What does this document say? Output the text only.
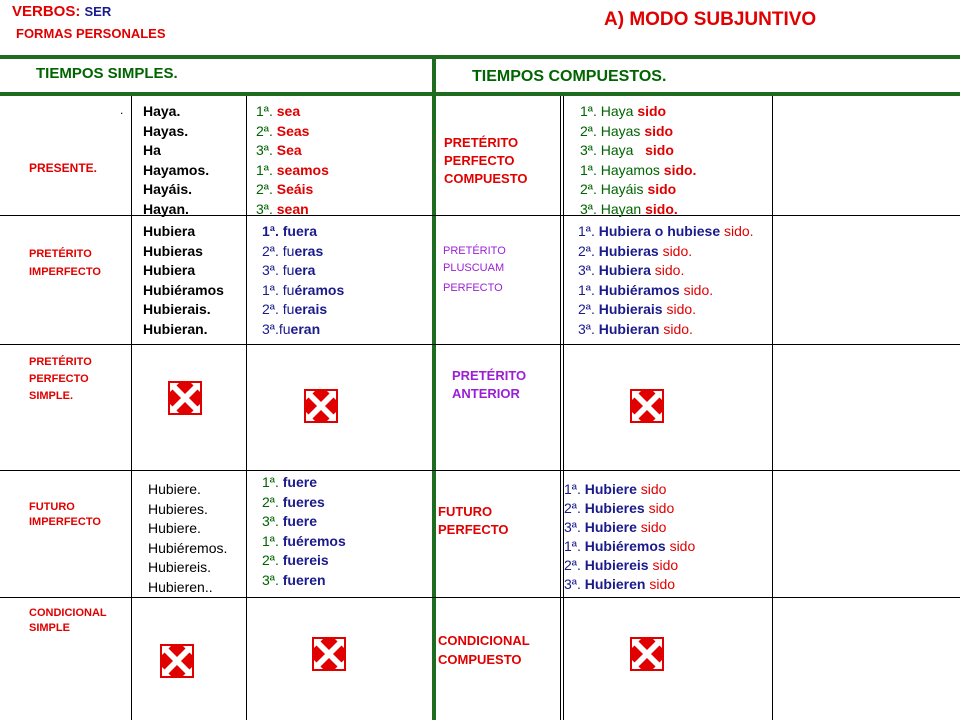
VERBOS: SER
FORMAS PERSONALES
A) MODO SUBJUNTIVO
TIEMPOS SIMPLES.	TIEMPOS COMPUESTOS.
.
PRESENTE.
Haya.
Hayas.
Ha
Hayamos.
Hayáis.
Hayan.
1ª. sea
2ª. Seas
3ª. Sea
1ª. seamos
2ª. Seáis
3ª. sean
PRETÉRITO
PERFECTO
COMPUESTO
1ª. Haya sido
2ª. Hayas sido
3ª. Haya sido
1ª. Hayamos sido.
2ª. Hayáis sido
3ª. Hayan sido.
PRETÉRITO
IMPERFECTO
Hubiera
Hubieras
Hubiera
Hubiéramos
Hubierais.
Hubieran.
1ª. fuera
2ª. fueras
3ª. fuera
1ª. fuéramos
2ª. fuerais
3ª.fueran
PRETÉRITO
PLUSCUAM
PERFECTO
1ª. Hubiera o hubiese sido.
2ª. Hubieras sido.
3ª. Hubiera sido.
1ª. Hubiéramos sido.
2ª. Hubierais sido.
3ª. Hubieran sido.
PRETÉRITO
PERFECTO
SIMPLE.
PRETÉRITO
ANTERIOR
FUTURO
IMPERFECTO
Hubiere.
Hubieres.
Hubiere.
Hubiéremos.
Hubiereis.
Hubieren..
1ª. fuere
2ª. fueres
3ª. fuere
1ª. fuéremos
2ª. fuereis
3ª. fueren
FUTURO
PERFECTO
1ª. Hubiere sido
2ª. Hubieres sido
3ª. Hubiere sido
1ª. Hubiéremos sido
2ª. Hubiereis sido
3ª. Hubieren sido
CONDICIONAL
SIMPLE
CONDICIONAL
COMPUESTO
